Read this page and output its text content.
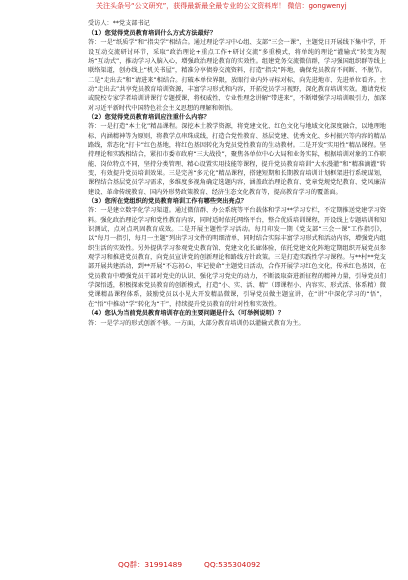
关注头条号“公文研究”，获得最新最全最专业的公文资料库！ 微信：gongwenyj

受访人：**党支部书记

（1）您觉得党员教育培训什么方式方法最好？

答：一是“纸质学”和“指尖学”相结合。通过理论学习中心组、支部“三会一课”，主题党日开展线下集中学，开设互动交流研讨环节，采取“政治理论+重点工作+研讨交流”多重模式，将单纯的理论“灌输式”转变为现场“互动式”，推动学习入脑入心，增强政治理论教育的实效性。组建党务交流微信群，学习强国组织群等线上联络渠道，创办线上“机关书屋”，精准分享债券交流资料，打造“指尖”阵地，确保党员教育不间断、不脱节。二是“走出去”和“请进来”相结合。打破本单位界限，放眼行业内外寻标对标，向先进地市、先进单位看齐。主动“走出去”共享党员教育培训资源，丰富学习形式和内容，开拓党员学习视野，深化教育培训实效。邀请党校或院校专家学者培训讲课行专题授课，将权威性、专业性理念讲解“带进来”，不断增强学习培训吸引力，加深对习近平新时代中国特色社会主义思想的理解和领悟。

（2）您觉得党员教育培训应注重什么内容？

答：一是打造“本土化”精品课程。深挖本土教学资源，将党建文化、红色文化与地域文化深度融合，以地理地标、内涵精神等为原则，将教学点串珠成线，打造合党性教育、基层党建、优秀文化、乡村振兴等内容的精品路线，常态化“打卡”红色基地，将红色基因转化为党员党性教育的生动教材。二是开发“实用性”精品课程。坚持理论和实践相结合，紧扣市委市政府“三大战役”，聚焦各单位中心大局和业务实际，根据培训对象的工作职能、岗位特点不同，坚持分类管理、精心设置实用技能等课程，提升党员教育培训“大水漫灌”和“精准滴灌”转变，有效提升党员培训效果。三是完善“多元化”精品课程，搭建短期和长期教育培训计划框架进行系统谋划，课程结合基层党员学习需求，多维度多视角确定选题内容，涵盖政治理论教育、党章党规党纪教育、党风廉洁建设、革命传统教育、国内外形势政策教育、经济生态文化教育等，提高教育学习的覆盖面。

（3）您所在党组织的党员教育培训工作有哪些突出亮点？

答：一是建立数字化学习渠道。通过微信群、办公系统等平台载体和学习**学习专栏，不定期推送党建学习资料。强化政治理论学习和党性教育内容，同时适时依托网络平台，整合优质培训课程，开设线上专题培训和知识测试，点对点巩固教育成效。二是开展主题性学习活动。每月印发一期《党支部“三会一课”工作指引》，以“每月一指引，每月一主题”列出学习文件的明细清单，同时结合实际丰富学习形式和活动内容，增强党内组织生活的实效性。另外提供学习参观党史教育馆、党建文化长廊体验，依托党建文化阵地定期组织开展党员参观学习和推进党员教育，向党员宣讲党的创新理论和路线方针政策。三是打造实践性学习课程。与**村**党支部开展共建活动，到**开展“不忘初心，牢记使命”主题党日活动，合作开展学习红色文化，传承红色基因，在党员教育中增强党员干部对党史的认识、强化学习党史的动力，不断汲取奋进新征程的精神力量，引导党员们学深悟透，积极探索党员教育的创新模式，打造“小、实、活、精”（即课程小、内容实、形式活、体系精）微党课精品课程体系，鼓励党员以小见大开发精品微课，引导党员做主题宣讲，在“讲”中深化学习的“悟”，在“悟”中推动“学”转化为“干”，持续提升党员教育的针对性和实效性。

（4）您认为当前党员教育培训存在的主要问题是什么（可举例说明）？

答：一是学习的形式创新不够。一方面，大部分教育培训仍以灌输式教育为主。

QQ群：31991489	QQ:535304092
